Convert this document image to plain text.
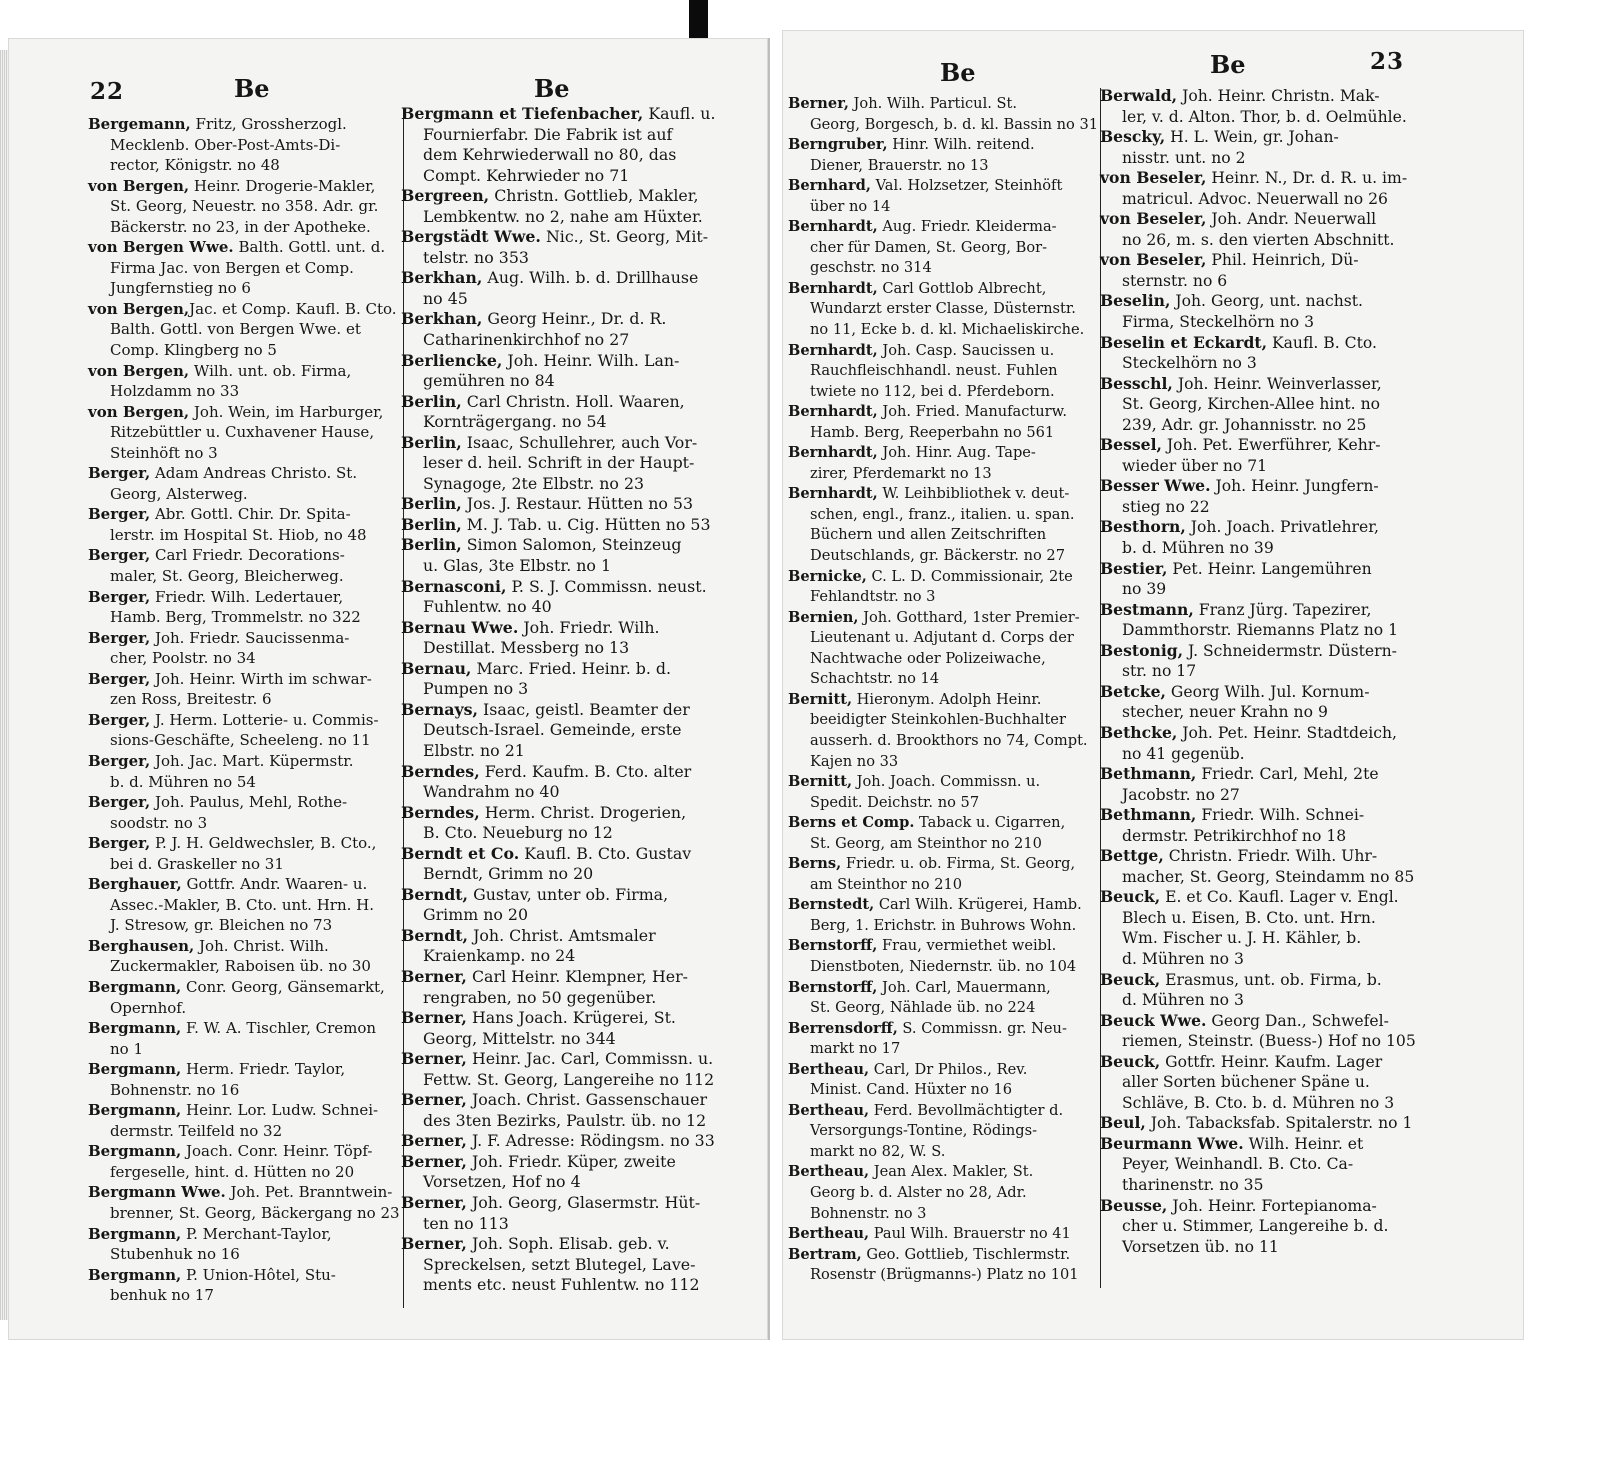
22	Be	Be
Bergemann, Fritz, Grossherzogl.
Mecklenb. Ober-Post-Amts-Di-
rector, Königstr. no 48
von Bergen, Heinr. Drogerie-Makler,
St. Georg, Neuestr. no 358. Adr. gr.
Bäckerstr. no 23, in der Apotheke.
von Bergen Wwe. Balth. Gottl. unt. d.
Firma Jac. von Bergen et Comp.
Jungfernstieg no 6
von Bergen,Jac. et Comp. Kaufl. B. Cto.
Balth. Gottl. von Bergen Wwe. et
Comp. Klingberg no 5
von Bergen, Wilh. unt. ob. Firma,
Holzdamm no 33
von Bergen, Joh. Wein, im Harburger,
Ritzebüttler u. Cuxhavener Hause,
Steinhöft no 3
Berger, Adam Andreas Christo. St.
Georg, Alsterweg.
Berger, Abr. Gottl. Chir. Dr. Spita-
lerstr. im Hospital St. Hiob, no 48
Berger, Carl Friedr. Decorations-
maler, St. Georg, Bleicherweg.
Berger, Friedr. Wilh. Ledertauer,
Hamb. Berg, Trommelstr. no 322
Berger, Joh. Friedr. Saucissenma-
cher, Poolstr. no 34
Berger, Joh. Heinr. Wirth im schwar-
zen Ross, Breitestr. 6
Berger, J. Herm. Lotterie- u. Commis-
sions-Geschäfte, Scheeleng. no 11
Berger, Joh. Jac. Mart. Küpermstr.
b. d. Mühren no 54
Berger, Joh. Paulus, Mehl, Rothe-
soodstr. no 3
Berger, P. J. H. Geldwechsler, B. Cto.,
bei d. Graskeller no 31
Berghauer, Gottfr. Andr. Waaren- u.
Assec.-Makler, B. Cto. unt. Hrn. H.
J. Stresow, gr. Bleichen no 73
Berghausen, Joh. Christ. Wilh.
Zuckermakler, Raboisen üb. no 30
Bergmann, Conr. Georg, Gänsemarkt,
Opernhof.
Bergmann, F. W. A. Tischler, Cremon
no 1
Bergmann, Herm. Friedr. Taylor,
Bohnenstr. no 16
Bergmann, Heinr. Lor. Ludw. Schnei-
dermstr. Teilfeld no 32
Bergmann, Joach. Conr. Heinr. Töpf-
fergeselle, hint. d. Hütten no 20
Bergmann Wwe. Joh. Pet. Branntwein-
brenner, St. Georg, Bäckergang no 23
Bergmann, P. Merchant-Taylor,
Stubenhuk no 16
Bergmann, P. Union-Hôtel, Stu-
benhuk no 17
Bergmann et Tiefenbacher, Kaufl. u.
Fournierfabr. Die Fabrik ist auf
dem Kehrwiederwall no 80, das
Compt. Kehrwieder no 71
Bergreen, Christn. Gottlieb, Makler,
Lembkentw. no 2, nahe am Hüxter.
Bergstädt Wwe. Nic., St. Georg, Mit-
telstr. no 353
Berkhan, Aug. Wilh. b. d. Drillhause
no 45
Berkhan, Georg Heinr., Dr. d. R.
Catharinenkirchhof no 27
Berliencke, Joh. Heinr. Wilh. Lan-
gemühren no 84
Berlin, Carl Christn. Holl. Waaren,
Kornträgergang. no 54
Berlin, Isaac, Schullehrer, auch Vor-
leser d. heil. Schrift in der Haupt-
Synagoge, 2te Elbstr. no 23
Berlin, Jos. J. Restaur. Hütten no 53
Berlin, M. J. Tab. u. Cig. Hütten no 53
Berlin, Simon Salomon, Steinzeug
u. Glas, 3te Elbstr. no 1
Bernasconi, P. S. J. Commissn. neust.
Fuhlentw. no 40
Bernau Wwe. Joh. Friedr. Wilh.
Destillat. Messberg no 13
Bernau, Marc. Fried. Heinr. b. d.
Pumpen no 3
Bernays, Isaac, geistl. Beamter der
Deutsch-Israel. Gemeinde, erste
Elbstr. no 21
Berndes, Ferd. Kaufm. B. Cto. alter
Wandrahm no 40
Berndes, Herm. Christ. Drogerien,
B. Cto. Neueburg no 12
Berndt et Co. Kaufl. B. Cto. Gustav
Berndt, Grimm no 20
Berndt, Gustav, unter ob. Firma,
Grimm no 20
Berndt, Joh. Christ. Amtsmaler
Kraienkamp. no 24
Berner, Carl Heinr. Klempner, Her-
rengraben, no 50 gegenüber.
Berner, Hans Joach. Krügerei, St.
Georg, Mittelstr. no 344
Berner, Heinr. Jac. Carl, Commissn. u.
Fettw. St. Georg, Langereihe no 112
Berner, Joach. Christ. Gassenschauer
des 3ten Bezirks, Paulstr. üb. no 12
Berner, J. F. Adresse: Rödingsm. no 33
Berner, Joh. Friedr. Küper, zweite
Vorsetzen, Hof no 4
Berner, Joh. Georg, Glasermstr. Hüt-
ten no 113
Berner, Joh. Soph. Elisab. geb. v.
Spreckelsen, setzt Blutegel, Lave-
ments etc. neust Fuhlentw. no 112
Be	Be	23
Berner, Joh. Wilh. Particul. St.
Georg, Borgesch, b. d. kl. Bassin no 31
Berngruber, Hinr. Wilh. reitend.
Diener, Brauerstr. no 13
Bernhard, Val. Holzsetzer, Steinhöft
über no 14
Bernhardt, Aug. Friedr. Kleiderma-
cher für Damen, St. Georg, Bor-
geschstr. no 314
Bernhardt, Carl Gottlob Albrecht,
Wundarzt erster Classe, Düsternstr.
no 11, Ecke b. d. kl. Michaeliskirche.
Bernhardt, Joh. Casp. Saucissen u.
Rauchfleischhandl. neust. Fuhlen
twiete no 112, bei d. Pferdeborn.
Bernhardt, Joh. Fried. Manufacturw.
Hamb. Berg, Reeperbahn no 561
Bernhardt, Joh. Hinr. Aug. Tape-
zirer, Pferdemarkt no 13
Bernhardt, W. Leihbibliothek v. deut-
schen, engl., franz., italien. u. span.
Büchern und allen Zeitschriften
Deutschlands, gr. Bäckerstr. no 27
Bernicke, C. L. D. Commissionair, 2te
Fehlandtstr. no 3
Bernien, Joh. Gotthard, 1ster Premier-
Lieutenant u. Adjutant d. Corps der
Nachtwache oder Polizeiwache,
Schachtstr. no 14
Bernitt, Hieronym. Adolph Heinr.
beeidigter Steinkohlen-Buchhalter
ausserh. d. Brookthors no 74, Compt.
Kajen no 33
Bernitt, Joh. Joach. Commissn. u.
Spedit. Deichstr. no 57
Berns et Comp. Taback u. Cigarren,
St. Georg, am Steinthor no 210
Berns, Friedr. u. ob. Firma, St. Georg,
am Steinthor no 210
Bernstedt, Carl Wilh. Krügerei, Hamb.
Berg, 1. Erichstr. in Buhrows Wohn.
Bernstorff, Frau, vermiethet weibl.
Dienstboten, Niedernstr. üb. no 104
Bernstorff, Joh. Carl, Mauermann,
St. Georg, Nählade üb. no 224
Berrensdorff, S. Commissn. gr. Neu-
markt no 17
Bertheau, Carl, Dr Philos., Rev.
Minist. Cand. Hüxter no 16
Bertheau, Ferd. Bevollmächtigter d.
Versorgungs-Tontine, Rödings-
markt no 82, W. S.
Bertheau, Jean Alex. Makler, St.
Georg b. d. Alster no 28, Adr.
Bohnenstr. no 3
Bertheau, Paul Wilh. Brauerstr no 41
Bertram, Geo. Gottlieb, Tischlermstr.
Rosenstr (Brügmanns-) Platz no 101
Berwald, Joh. Heinr. Christn. Mak-
ler, v. d. Alton. Thor, b. d. Oelmühle.
Bescky, H. L. Wein, gr. Johan-
nisstr. unt. no 2
von Beseler, Heinr. N., Dr. d. R. u. im-
matricul. Advoc. Neuerwall no 26
von Beseler, Joh. Andr. Neuerwall
no 26, m. s. den vierten Abschnitt.
von Beseler, Phil. Heinrich, Dü-
sternstr. no 6
Beselin, Joh. Georg, unt. nachst.
Firma, Steckelhörn no 3
Beselin et Eckardt, Kaufl. B. Cto.
Steckelhörn no 3
Besschl, Joh. Heinr. Weinverlasser,
St. Georg, Kirchen-Allee hint. no
239, Adr. gr. Johannisstr. no 25
Bessel, Joh. Pet. Ewerführer, Kehr-
wieder über no 71
Besser Wwe. Joh. Heinr. Jungfern-
stieg no 22
Besthorn, Joh. Joach. Privatlehrer,
b. d. Mühren no 39
Bestier, Pet. Heinr. Langemühren
no 39
Bestmann, Franz Jürg. Tapezirer,
Dammthorstr. Riemanns Platz no 1
Bestonig, J. Schneidermstr. Düstern-
str. no 17
Betcke, Georg Wilh. Jul. Kornum-
stecher, neuer Krahn no 9
Bethcke, Joh. Pet. Heinr. Stadtdeich,
no 41 gegenüb.
Bethmann, Friedr. Carl, Mehl, 2te
Jacobstr. no 27
Bethmann, Friedr. Wilh. Schnei-
dermstr. Petrikirchhof no 18
Bettge, Christn. Friedr. Wilh. Uhr-
macher, St. Georg, Steindamm no 85
Beuck, E. et Co. Kaufl. Lager v. Engl.
Blech u. Eisen, B. Cto. unt. Hrn.
Wm. Fischer u. J. H. Kähler, b.
d. Mühren no 3
Beuck, Erasmus, unt. ob. Firma, b.
d. Mühren no 3
Beuck Wwe. Georg Dan., Schwefel-
riemen, Steinstr. (Buess-) Hof no 105
Beuck, Gottfr. Heinr. Kaufm. Lager
aller Sorten büchener Späne u.
Schläve, B. Cto. b. d. Mühren no 3
Beul, Joh. Tabacksfab. Spitalerstr. no 1
Beurmann Wwe. Wilh. Heinr. et
Peyer, Weinhandl. B. Cto. Ca-
tharinenstr. no 35
Beusse, Joh. Heinr. Fortepianoma-
cher u. Stimmer, Langereihe b. d.
Vorsetzen üb. no 11
